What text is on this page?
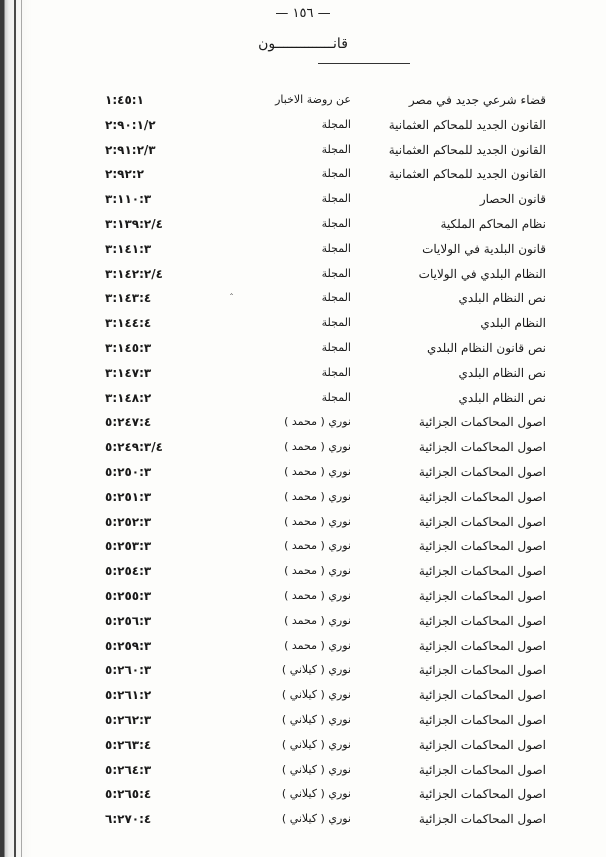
— ١٥٦ —
قانــــــــــــــون
‸
قضاء شرعي جديد في مصر
عن روضة الاخبار
١:٤٥:١
القانون الجديد للمحاكم العثمانية
المجلة
٢:٩٠:١/٢
القانون الجديد للمحاكم العثمانية
المجلة
٢:٩١:٢/٣
القانون الجديد للمحاكم العثمانية
المجلة
٢:٩٢:٢
قانون الحصار
المجلة
٣:١١٠:٣
نظام المحاكم الملكية
المجلة
٣:١٣٩:٢/٤
قانون البلدية في الولايات
المجلة
٣:١٤١:٣
النظام البلدي في الولايات
المجلة
٣:١٤٢:٢/٤
نص النظام البلدي
المجلة
٣:١٤٣:٤
النظام البلدي
المجلة
٣:١٤٤:٤
نص قانون النظام البلدي
المجلة
٣:١٤٥:٣
نص النظام البلدي
المجلة
٣:١٤٧:٣
نص النظام البلدي
المجلة
٣:١٤٨:٢
اصول المحاكمات الجزائية
نوري ( محمد )
٥:٢٤٧:٤
اصول المحاكمات الجزائية
نوري ( محمد )
٥:٢٤٩:٣/٤
اصول المحاكمات الجزائية
نوري ( محمد )
٥:٢٥٠:٣
اصول المحاكمات الجزائية
نوري ( محمد )
٥:٢٥١:٣
اصول المحاكمات الجزائية
نوري ( محمد )
٥:٢٥٢:٣
اصول المحاكمات الجزائية
نوري ( محمد )
٥:٢٥٣:٣
اصول المحاكمات الجزائية
نوري ( محمد )
٥:٢٥٤:٣
اصول المحاكمات الجزائية
نوري ( محمد )
٥:٢٥٥:٣
اصول المحاكمات الجزائية
نوري ( محمد )
٥:٢٥٦:٣
اصول المحاكمات الجزائية
نوري ( محمد )
٥:٢٥٩:٣
اصول المحاكمات الجزائية
نوري ( كيلاني )
٥:٢٦٠:٣
اصول المحاكمات الجزائية
نوري ( كيلاني )
٥:٢٦١:٢
اصول المحاكمات الجزائية
نوري ( كيلاني )
٥:٢٦٢:٣
اصول المحاكمات الجزائية
نوري ( كيلاني )
٥:٢٦٣:٤
اصول المحاكمات الجزائية
نوري ( كيلاني )
٥:٢٦٤:٣
اصول المحاكمات الجزائية
نوري ( كيلاني )
٥:٢٦٥:٤
اصول المحاكمات الجزائية
نوري ( كيلاني )
٦:٢٧٠:٤
